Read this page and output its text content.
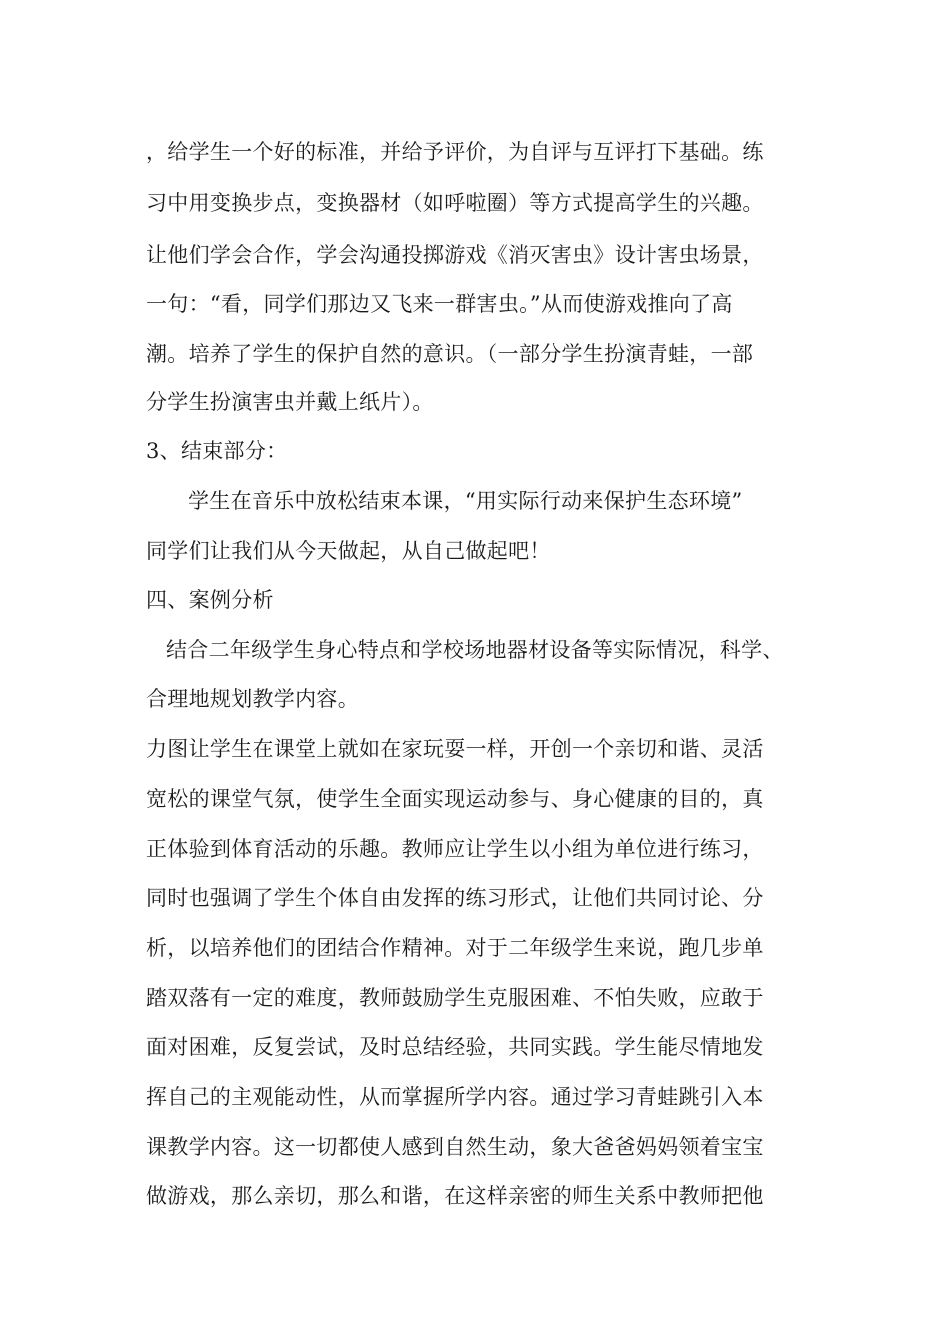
，给学生一个好的标准，并给予评价，为自评与互评打下基础。练
习中用变换步点，变换器材（如呼啦圈）等方式提高学生的兴趣。
让他们学会合作，学会沟通投掷游戏《消灭害虫》设计害虫场景，
一句：“看，同学们那边又飞来一群害虫。”从而使游戏推向了高
潮。培养了学生的保护自然的意识。（一部分学生扮演青蛙，一部
分学生扮演害虫并戴上纸片）。
3、结束部分：
学生在音乐中放松结束本课，“用实际行动来保护生态环境”
同学们让我们从今天做起，从自己做起吧！
四、案例分析
结合二年级学生身心特点和学校场地器材设备等实际情况，科学、
合理地规划教学内容。
力图让学生在课堂上就如在家玩耍一样，开创一个亲切和谐、灵活
宽松的课堂气氛，使学生全面实现运动参与、身心健康的目的，真
正体验到体育活动的乐趣。教师应让学生以小组为单位进行练习，
同时也强调了学生个体自由发挥的练习形式，让他们共同讨论、分
析，以培养他们的团结合作精神。对于二年级学生来说，跑几步单
踏双落有一定的难度，教师鼓励学生克服困难、不怕失败，应敢于
面对困难，反复尝试，及时总结经验，共同实践。学生能尽情地发
挥自己的主观能动性，从而掌握所学内容。通过学习青蛙跳引入本
课教学内容。这一切都使人感到自然生动，象大爸爸妈妈领着宝宝
做游戏，那么亲切，那么和谐，在这样亲密的师生关系中教师把他
